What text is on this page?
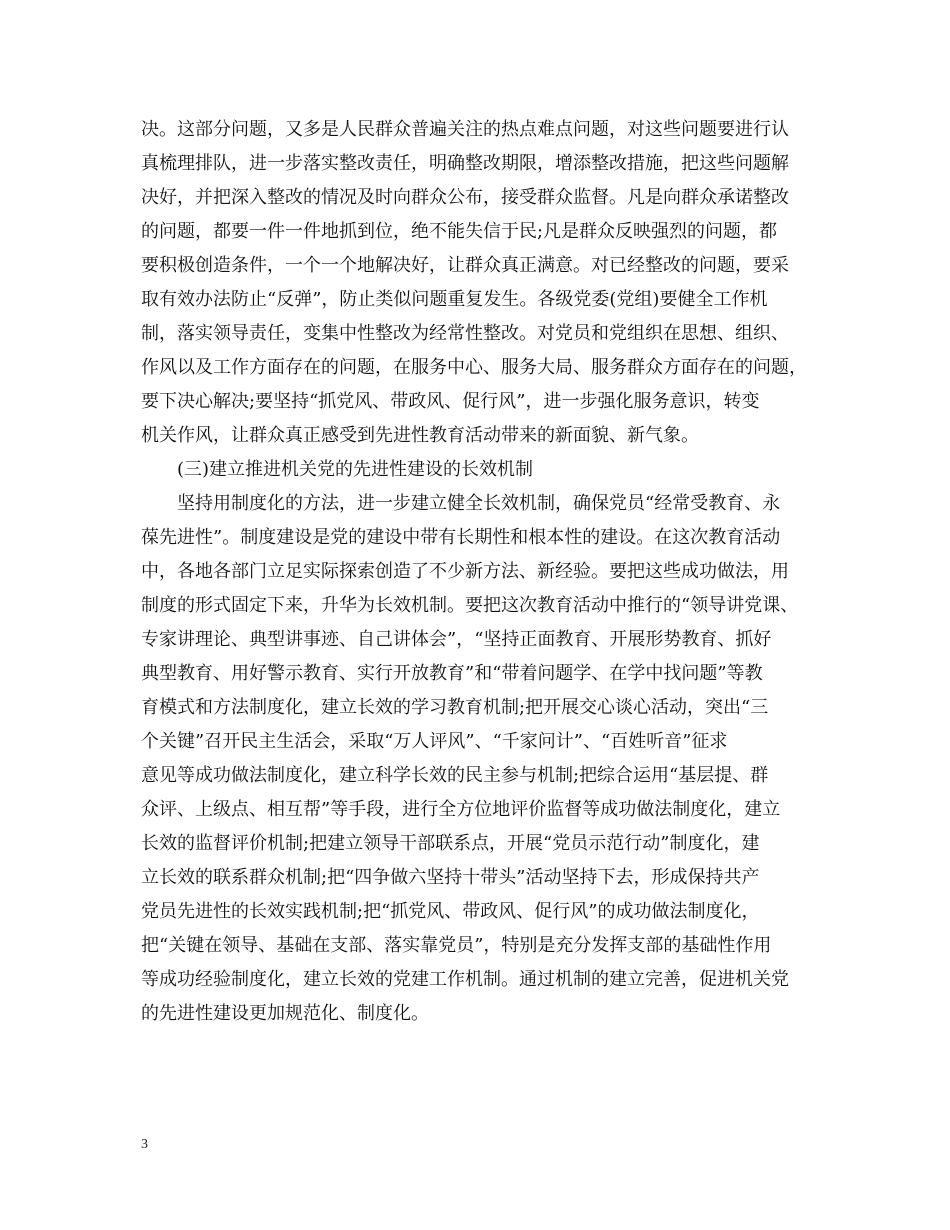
决。这部分问题，又多是人民群众普遍关注的热点难点问题，对这些问题要进行认
真梳理排队，进一步落实整改责任，明确整改期限，增添整改措施，把这些问题解
决好，并把深入整改的情况及时向群众公布，接受群众监督。凡是向群众承诺整改
的问题，都要一件一件地抓到位，绝不能失信于民;凡是群众反映强烈的问题，都
要积极创造条件，一个一个地解决好，让群众真正满意。对已经整改的问题，要采
取有效办法防止“反弹”，防止类似问题重复发生。各级党委(党组)要健全工作机
制，落实领导责任，变集中性整改为经常性整改。对党员和党组织在思想、组织、
作风以及工作方面存在的问题，在服务中心、服务大局、服务群众方面存在的问题，
要下决心解决;要坚持“抓党风、带政风、促行风”，进一步强化服务意识，转变
机关作风，让群众真正感受到先进性教育活动带来的新面貌、新气象。
(三)建立推进机关党的先进性建设的长效机制
坚持用制度化的方法，进一步建立健全长效机制，确保党员“经常受教育、永
葆先进性”。制度建设是党的建设中带有长期性和根本性的建设。在这次教育活动
中，各地各部门立足实际探索创造了不少新方法、新经验。要把这些成功做法，用
制度的形式固定下来，升华为长效机制。要把这次教育活动中推行的“领导讲党课、
专家讲理论、典型讲事迹、自己讲体会”，“坚持正面教育、开展形势教育、抓好
典型教育、用好警示教育、实行开放教育”和“带着问题学、在学中找问题”等教
育模式和方法制度化，建立长效的学习教育机制;把开展交心谈心活动，突出“三
个关键”召开民主生活会，采取“万人评风”、“千家问计”、“百姓听音”征求
意见等成功做法制度化，建立科学长效的民主参与机制;把综合运用“基层提、群
众评、上级点、相互帮”等手段，进行全方位地评价监督等成功做法制度化，建立
长效的监督评价机制;把建立领导干部联系点，开展“党员示范行动”制度化，建
立长效的联系群众机制;把“四争做六坚持十带头”活动坚持下去，形成保持共产
党员先进性的长效实践机制;把“抓党风、带政风、促行风”的成功做法制度化，
把“关键在领导、基础在支部、落实靠党员”，特别是充分发挥支部的基础性作用
等成功经验制度化，建立长效的党建工作机制。通过机制的建立完善，促进机关党
的先进性建设更加规范化、制度化。
3
